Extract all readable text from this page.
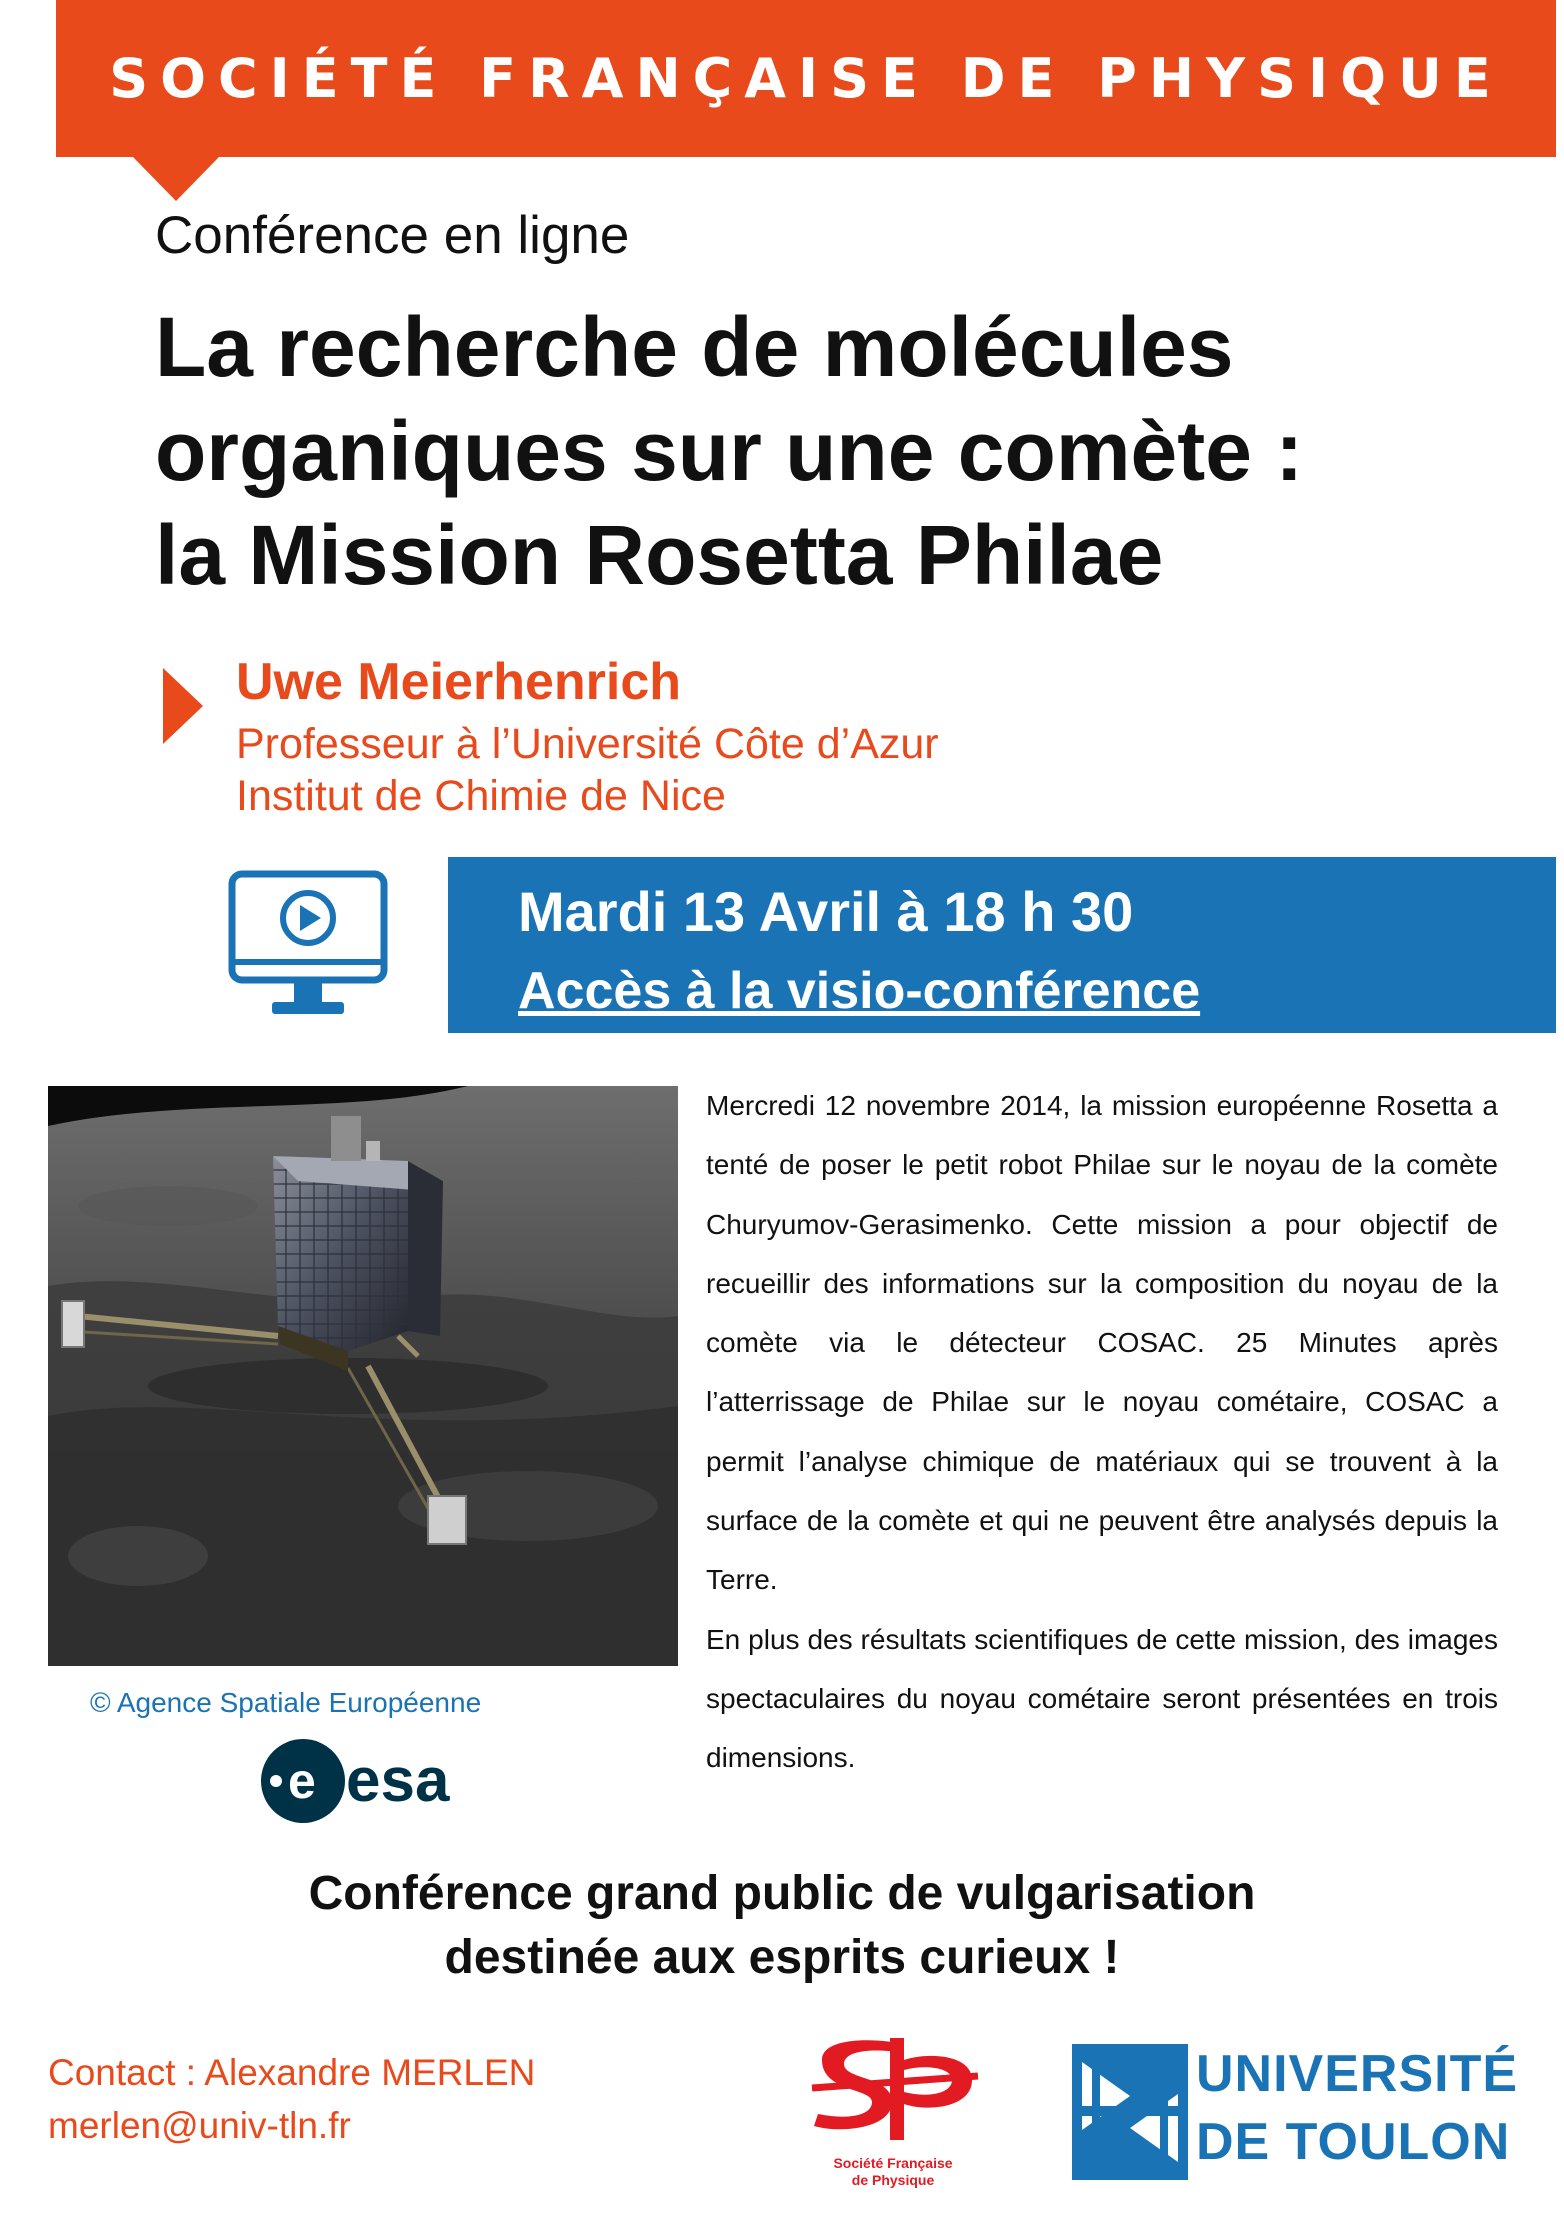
SOCIÉTÉ FRANÇAISE DE PHYSIQUE
Conférence en ligne
La recherche de molécules
organiques sur une comète :
la Mission Rosetta Philae
Uwe Meierhenrich
Professeur à l’Université Côte d’Azur
Institut de Chimie de Nice
Mardi 13 Avril à 18 h 30
Accès à la visio-conférence
© Agence Spatiale Européenne
e esa

Mercredi 12 novembre 2014, la mission européenne Rosetta a tenté de poser le petit robot Philae sur le noyau de la comète Churyumov-Gerasimenko. Cette mission a pour objectif de recueillir des informations sur la composition du noyau de la comète via le détecteur COSAC. 25 Minutes après l’atterrissage de Philae sur le noyau cométaire, COSAC a permit l’analyse chimique de matériaux qui se trouvent à la surface de la comète et qui ne peuvent être analysés depuis la Terre.

En plus des résultats scientifiques de cette mission, des images spectaculaires du noyau cométaire seront présentées en trois dimensions.

Conférence grand public de vulgarisation
destinée aux esprits curieux !
Contact : Alexandre MERLEN
merlen@univ-tln.fr
Société Française
de Physique
UNIVERSITÉ
DE TOULON
